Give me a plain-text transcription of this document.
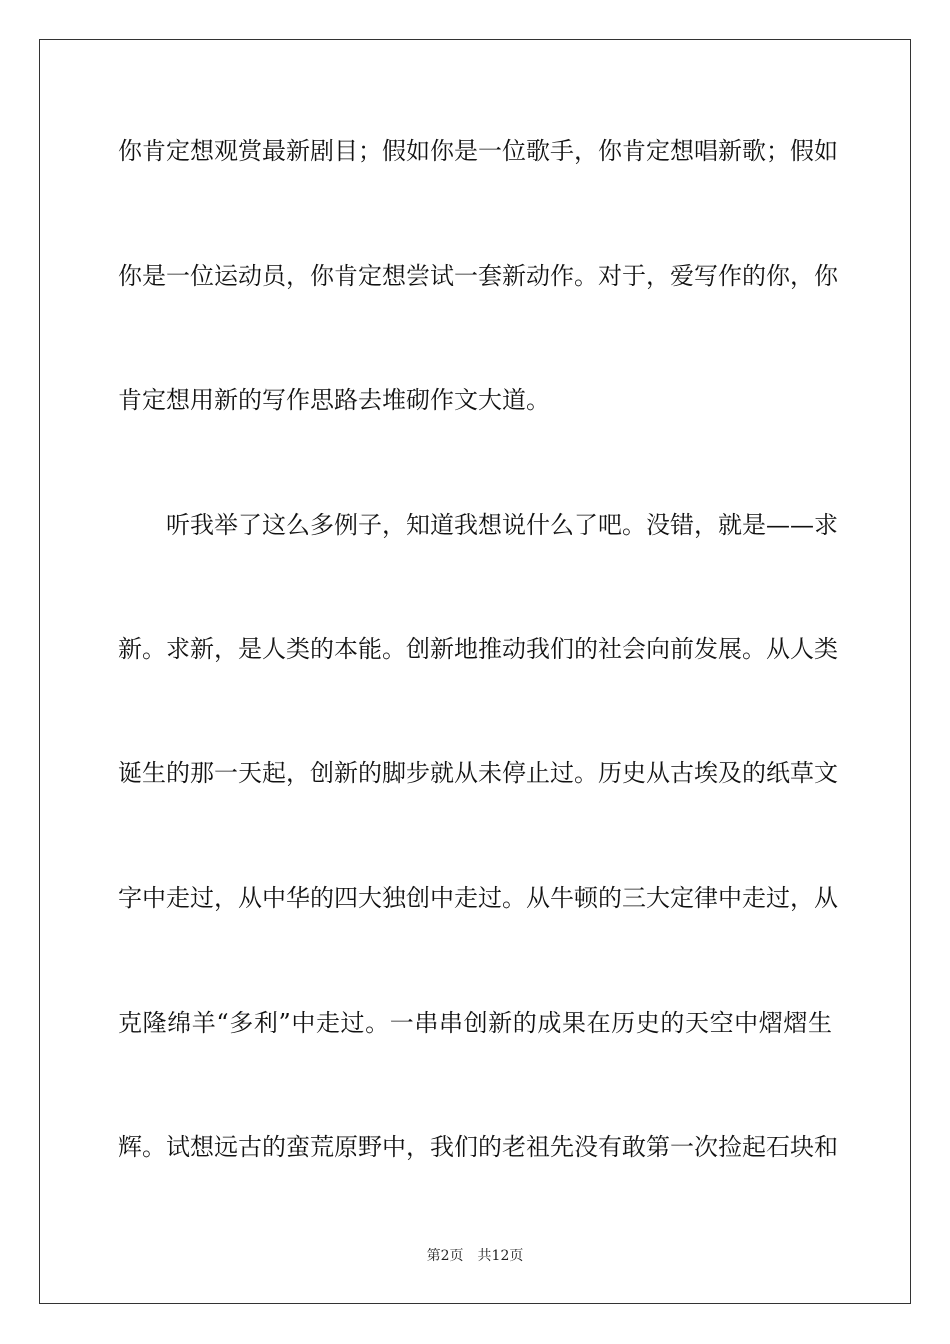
你肯定想观赏最新剧目；假如你是一位歌手，你肯定想唱新歌；假如
你是一位运动员，你肯定想尝试一套新动作。对于，爱写作的你，你
肯定想用新的写作思路去堆砌作文大道。
　　听我举了这么多例子，知道我想说什么了吧。没错，就是——求
新。求新，是人类的本能。创新地推动我们的社会向前发展。从人类
诞生的那一天起，创新的脚步就从未停止过。历史从古埃及的纸草文
字中走过，从中华的四大独创中走过。从牛顿的三大定律中走过，从
克隆绵羊“多利”中走过。一串串创新的成果在历史的天空中熠熠生
辉。试想远古的蛮荒原野中，我们的老祖先没有敢第一次捡起石块和
第2页 共12页
